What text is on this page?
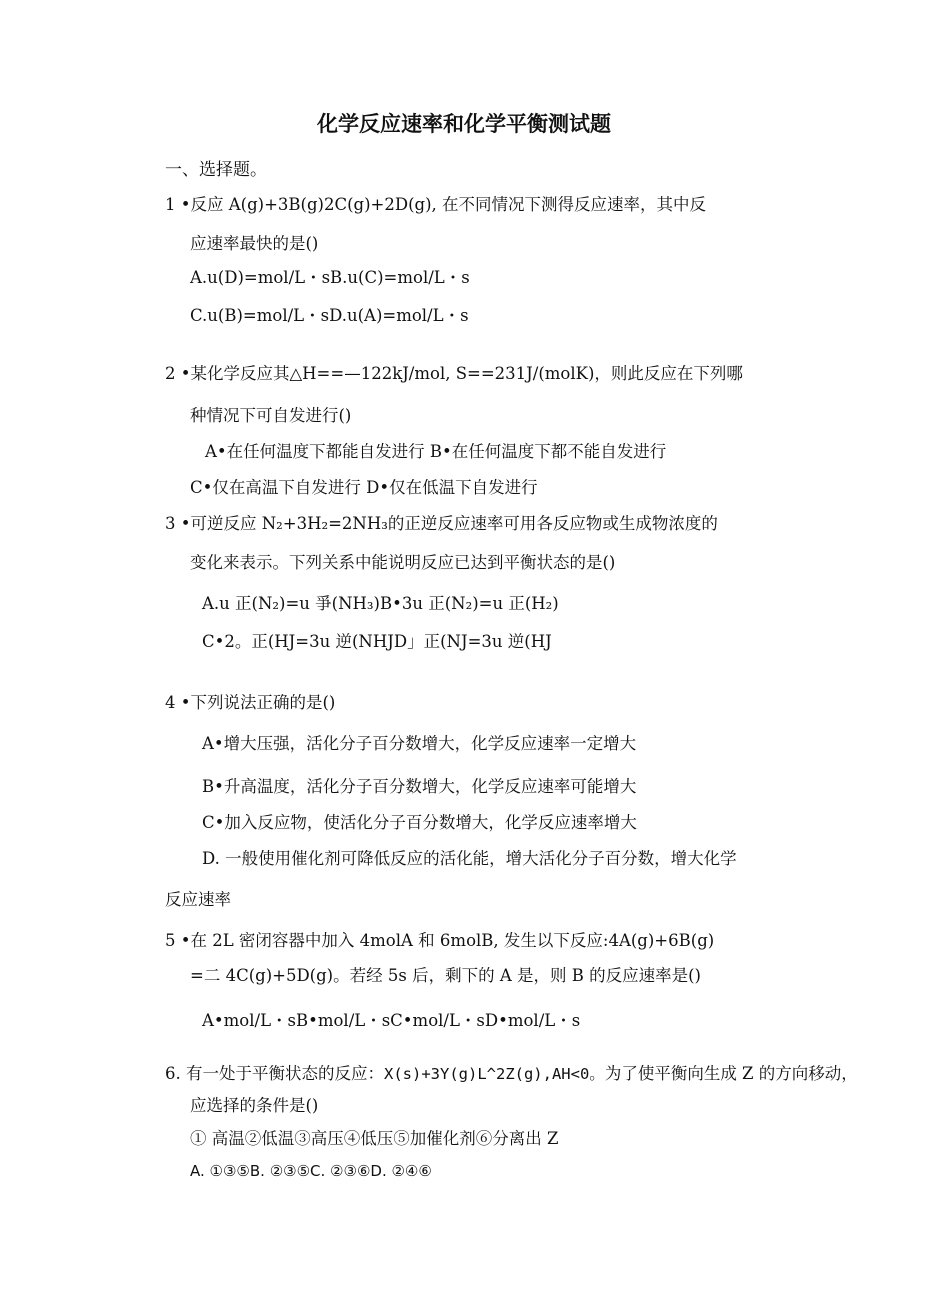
化学反应速率和化学平衡测试题
一、选择题。
1 •反应 A(g)+3B(g)2C(g)+2D(g), 在不同情况下测得反应速率，其中反
应速率最快的是()
A.u(D)=mol/L・sB.u(C)=mol/L・s
C.u(B)=mol/L・sD.u(A)=mol/L・s
2 •某化学反应其△H==—122kJ/mol, S==231J/(molK)，则此反应在下列哪
种情况下可自发进行()
A•在任何温度下都能自发进行 B•在任何温度下都不能自发进行
C•仅在高温下自发进行 D•仅在低温下自发进行
3 •可逆反应 N₂+3H₂=2NH₃的正逆反应速率可用各反应物或生成物浓度的
变化来表示。下列关系中能说明反应已达到平衡状态的是()
A.u 正(N₂)=u 爭(NH₃)B•3u 正(N₂)=u 正(H₂)
C•2。正(HJ=3u 逆(NHJD」正(NJ=3u 逆(HJ
4 •下列说法正确的是()
A•增大压强，活化分子百分数增大，化学反应速率一定增大
B•升高温度，活化分子百分数增大，化学反应速率可能增大
C•加入反应物，使活化分子百分数增大，化学反应速率增大
D. 一般使用催化剂可降低反应的活化能，增大活化分子百分数，增大化学
反应速率
5 •在 2L 密闭容器中加入 4molA 和 6molB, 发生以下反应:4A(g)+6B(g)
=二 4C(g)+5D(g)。若经 5s 后，剩下的 A 是，则 B 的反应速率是()
A•mol/L・sB•mol/L・sC•mol/L・sD•mol/L・s
6. 有一处于平衡状态的反应：X(s)+3Y(g)L^2Z(g),AH<0。为了使平衡向生成 Z 的方向移动，
应选择的条件是()
① 高温②低温③高压④低压⑤加催化剂⑥分离出 Z
A. ①③⑤B. ②③⑤C. ②③⑥D. ②④⑥
